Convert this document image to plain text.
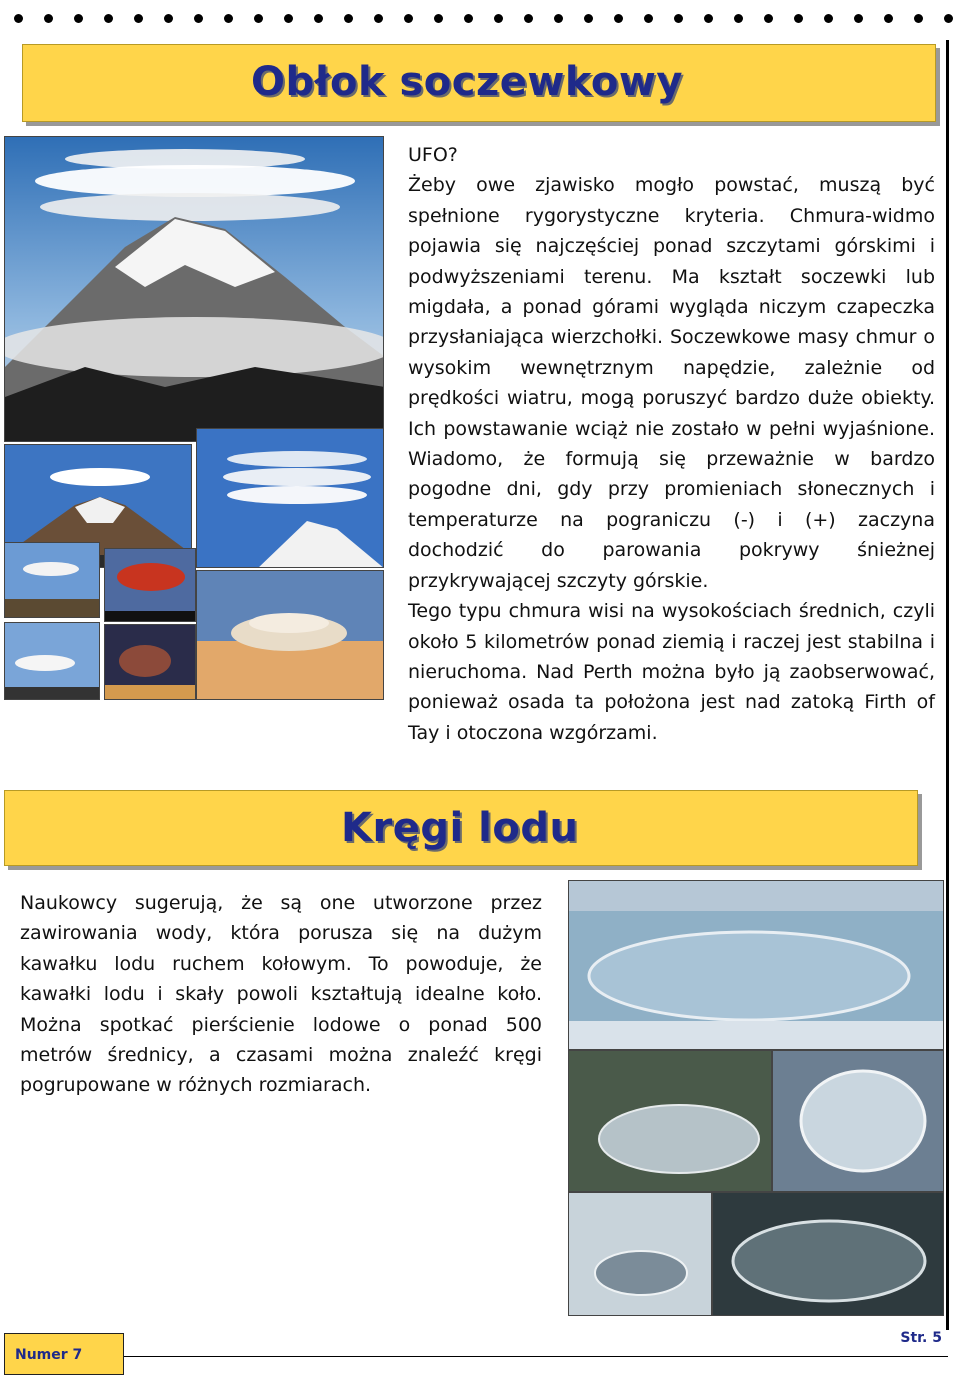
Obłok soczewkowy

UFO?

Żeby owe zjawisko mogło powstać, muszą być spełnione rygorystyczne kryteria. Chmura-widmo pojawia się najczęściej ponad szczytami górskimi i podwyższeniami terenu. Ma kształt soczewki lub migdała, a ponad górami wygląda niczym czapeczka przysłaniająca wierzchołki. Soczewkowe masy chmur o wysokim wewnętrznym napędzie, zależnie od prędkości wiatru, mogą poruszyć bardzo duże obiekty. Ich powstawanie wciąż nie zostało w pełni wyjaśnione. Wiadomo, że formują się przeważnie w bardzo pogodne dni, gdy przy promieniach słonecznych i temperaturze na pograniczu (-) i (+) zaczyna dochodzić do parowania pokrywy śnieżnej przykrywającej szczyty górskie.

Tego typu chmura wisi na wysokościach średnich, czyli około 5 kilometrów ponad ziemią i raczej jest stabilna i nieruchoma. Nad Perth można było ją zaobserwować, ponieważ osada ta położona jest nad zatoką Firth of Tay i otoczona wzgórzami.

Kręgi lodu

Naukowcy sugerują, że są one utworzone przez zawirowania wody, która porusza się na dużym kawałku lodu ruchem kołowym. To powoduje, że kawałki lodu i skały powoli kształtują idealne koło. Można spotkać pierścienie lodowe o ponad 500 metrów średnicy, a czasami można znaleźć kręgi pogrupowane w różnych rozmiarach.

Numer 7
Str. 5
